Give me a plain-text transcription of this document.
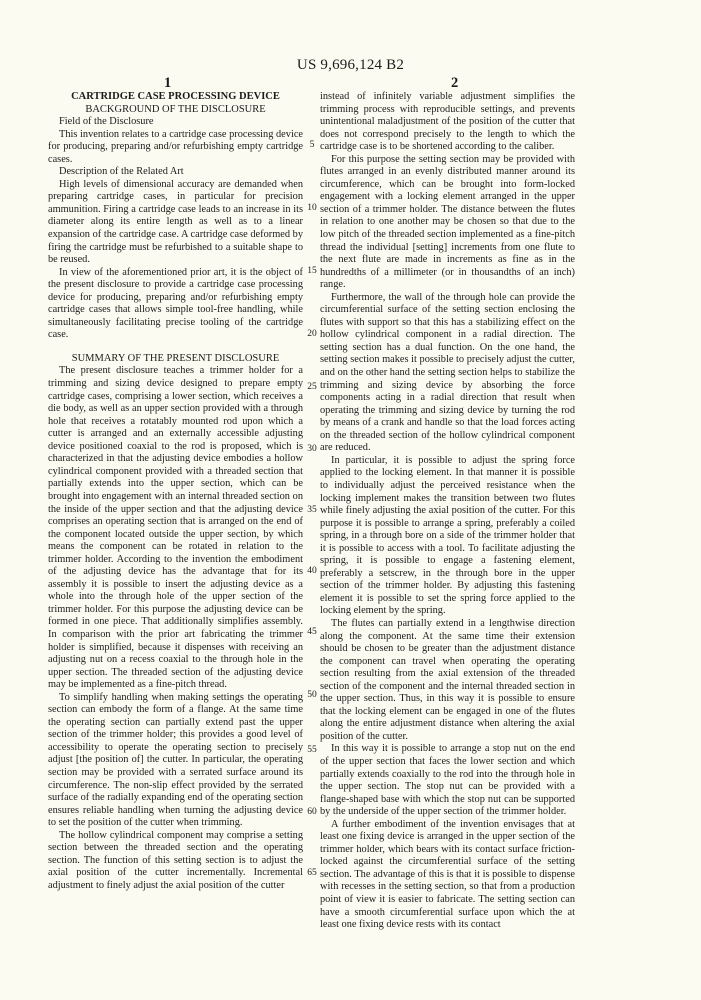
US 9,696,124 B2
1	2

CARTRIDGE CASE PROCESSING DEVICE

BACKGROUND OF THE DISCLOSURE

Field of the Disclosure

This invention relates to a cartridge case processing device for producing, preparing and/or refurbishing empty cartridge cases.

Description of the Related Art

High levels of dimensional accuracy are demanded when preparing cartridge cases, in particular for precision ammunition. Firing a cartridge case leads to an increase in its diameter along its entire length as well as to a linear expansion of the cartridge case. A cartridge case deformed by firing the cartridge must be refurbished to a suitable shape to be reused.

In view of the aforementioned prior art, it is the object of the present disclosure to provide a cartridge case processing device for producing, preparing and/or refurbishing empty cartridge cases that allows simple tool-free handling, while simultaneously facilitating precise tooling of the cartridge case.

SUMMARY OF THE PRESENT DISCLOSURE

The present disclosure teaches a trimmer holder for a trimming and sizing device designed to prepare empty cartridge cases, comprising a lower section, which receives a die body, as well as an upper section provided with a through hole that receives a rotatably mounted rod upon which a cutter is arranged and an externally accessible adjusting device positioned coaxial to the rod is proposed, which is characterized in that the adjusting device embodies a hollow cylindrical component provided with a threaded section that partially extends into the upper section, which can be brought into engagement with an internal threaded section on the inside of the upper section and that the adjusting device comprises an operating section that is arranged on the end of the component located outside the upper section, by which means the component can be rotated in relation to the trimmer holder. According to the invention the embodiment of the adjusting device has the advantage that for its assembly it is possible to insert the adjusting device as a whole into the through hole of the upper section of the trimmer holder. For this purpose the adjusting device can be formed in one piece. That additionally simplifies assembly. In comparison with the prior art fabricating the trimmer holder is simplified, because it dispenses with receiving an adjusting nut on a recess coaxial to the through hole in the upper section. The threaded section of the adjusting device may be implemented as a fine-pitch thread.

To simplify handling when making settings the operating section can embody the form of a flange. At the same time the operating section can partially extend past the upper section of the trimmer holder; this provides a good level of accessibility to operate the operating section to precisely adjust [the position of] the cutter. In particular, the operating section may be provided with a serrated surface around its circumference. The non-slip effect provided by the serrated surface of the radially expanding end of the operating section ensures reliable handling when turning the adjusting device to set the position of the cutter when trimming.

The hollow cylindrical component may comprise a setting section between the threaded section and the operating section. The function of this setting section is to adjust the axial position of the cutter incrementally. Incremental adjustment to finely adjust the axial position of the cutter

instead of infinitely variable adjustment simplifies the trimming process with reproducible settings, and prevents unintentional maladjustment of the position of the cutter that does not correspond precisely to the length to which the cartridge case is to be shortened according to the caliber.

For this purpose the setting section may be provided with flutes arranged in an evenly distributed manner around its circumference, which can be brought into form-locked engagement with a locking element arranged in the upper section of a trimmer holder. The distance between the flutes in relation to one another may be chosen so that due to the low pitch of the threaded section implemented as a fine-pitch thread the individual [setting] increments from one flute to the next flute are made in increments as fine as in the hundredths of a millimeter (or in thousandths of an inch) range.

Furthermore, the wall of the through hole can provide the circumferential surface of the setting section enclosing the flutes with support so that this has a stabilizing effect on the hollow cylindrical component in a radial direction. The setting section has a dual function. On the one hand, the setting section makes it possible to precisely adjust the cutter, and on the other hand the setting section helps to stabilize the trimming and sizing device by absorbing the force components acting in a radial direction that result when operating the trimming and sizing device by turning the rod by means of a crank and handle so that the load forces acting on the threaded section of the hollow cylindrical component are reduced.

In particular, it is possible to adjust the spring force applied to the locking element. In that manner it is possible to individually adjust the perceived resistance when the locking implement makes the transition between two flutes while finely adjusting the axial position of the cutter. For this purpose it is possible to arrange a spring, preferably a coiled spring, in a through bore on a side of the trimmer holder that it is possible to access with a tool. To facilitate adjusting the spring, it is possible to engage a fastening element, preferably a setscrew, in the through bore in the upper section of the trimmer holder. By adjusting this fastening element it is possible to set the spring force applied to the locking element by the spring.

The flutes can partially extend in a lengthwise direction along the component. At the same time their extension should be chosen to be greater than the adjustment distance the component can travel when operating the operating section resulting from the axial extension of the threaded section of the component and the internal threaded section in the upper section. Thus, in this way it is possible to ensure that the locking element can be engaged in one of the flutes along the entire adjustment distance when altering the axial position of the cutter.

In this way it is possible to arrange a stop nut on the end of the upper section that faces the lower section and which partially extends coaxially to the rod into the through hole in the upper section. The stop nut can be provided with a flange-shaped base with which the stop nut can be supported by the underside of the upper section of the trimmer holder.

A further embodiment of the invention envisages that at least one fixing device is arranged in the upper section of the trimmer holder, which bears with its contact surface friction-locked against the circumferential surface of the setting section. The advantage of this is that it is possible to dispense with recesses in the setting section, so that from a production point of view it is easier to fabricate. The setting section can have a smooth circumferential surface upon which the at least one fixing device rests with its contact

5
10
15
20
25
30
35
40
45
50
55
60
65
